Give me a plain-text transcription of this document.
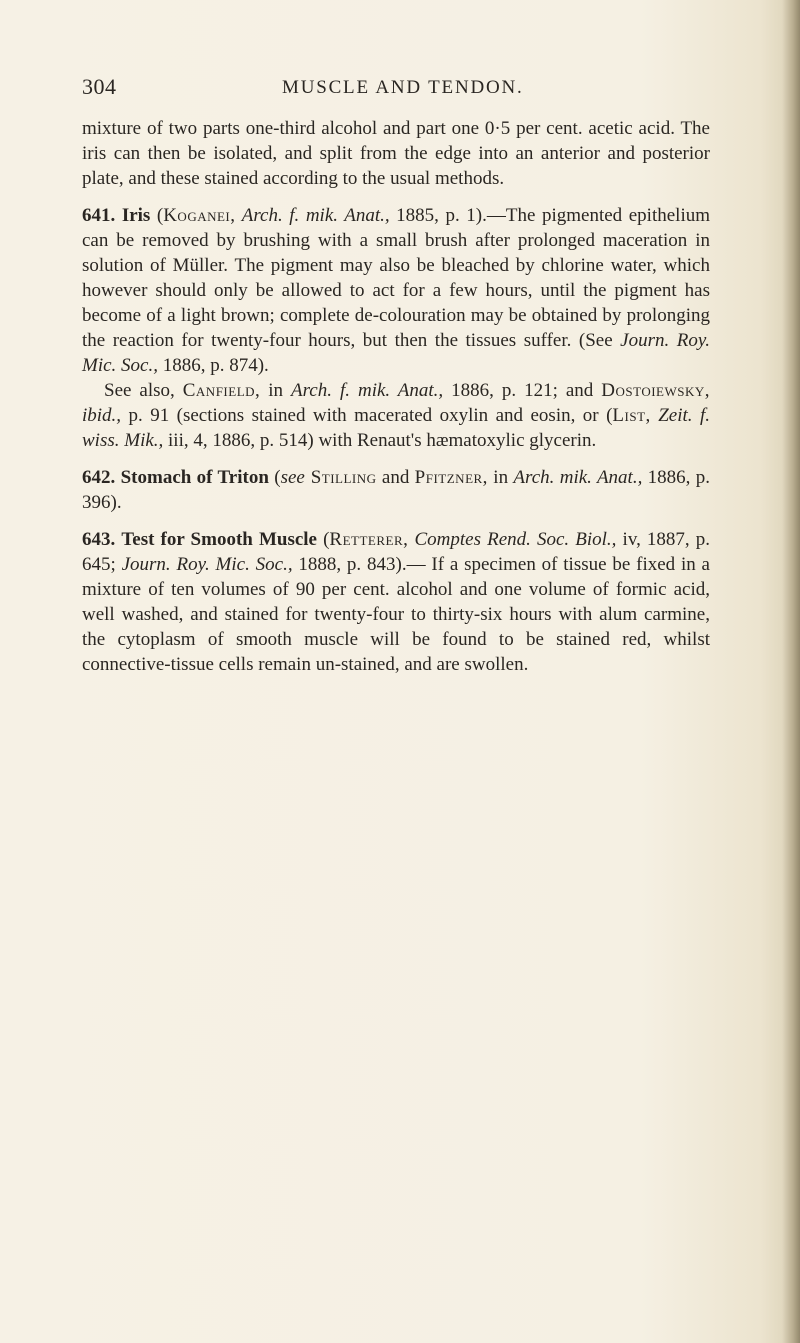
304	MUSCLE AND TENDON.

mixture of two parts one-third alcohol and part one 0·5 per cent. acetic acid. The iris can then be isolated, and split from the edge into an anterior and posterior plate, and these stained according to the usual methods.

641. Iris (Koganei, Arch. f. mik. Anat., 1885, p. 1).—The pigmented epithelium can be removed by brushing with a small brush after prolonged maceration in solution of Müller. The pigment may also be bleached by chlorine water, which however should only be allowed to act for a few hours, until the pigment has become of a light brown; complete de-colouration may be obtained by prolonging the reaction for twenty-four hours, but then the tissues suffer. (See Journ. Roy. Mic. Soc., 1886, p. 874).

See also, Canfield, in Arch. f. mik. Anat., 1886, p. 121; and Dostoiewsky, ibid., p. 91 (sections stained with macerated oxylin and eosin, or (List, Zeit. f. wiss. Mik., iii, 4, 1886, p. 514) with Renaut's hæmatoxylic glycerin.

642. Stomach of Triton (see Stilling and Pfitzner, in Arch. mik. Anat., 1886, p. 396).

643. Test for Smooth Muscle (Retterer, Comptes Rend. Soc. Biol., iv, 1887, p. 645; Journ. Roy. Mic. Soc., 1888, p. 843).— If a specimen of tissue be fixed in a mixture of ten volumes of 90 per cent. alcohol and one volume of formic acid, well washed, and stained for twenty-four to thirty-six hours with alum carmine, the cytoplasm of smooth muscle will be found to be stained red, whilst connective-tissue cells remain un-stained, and are swollen.
